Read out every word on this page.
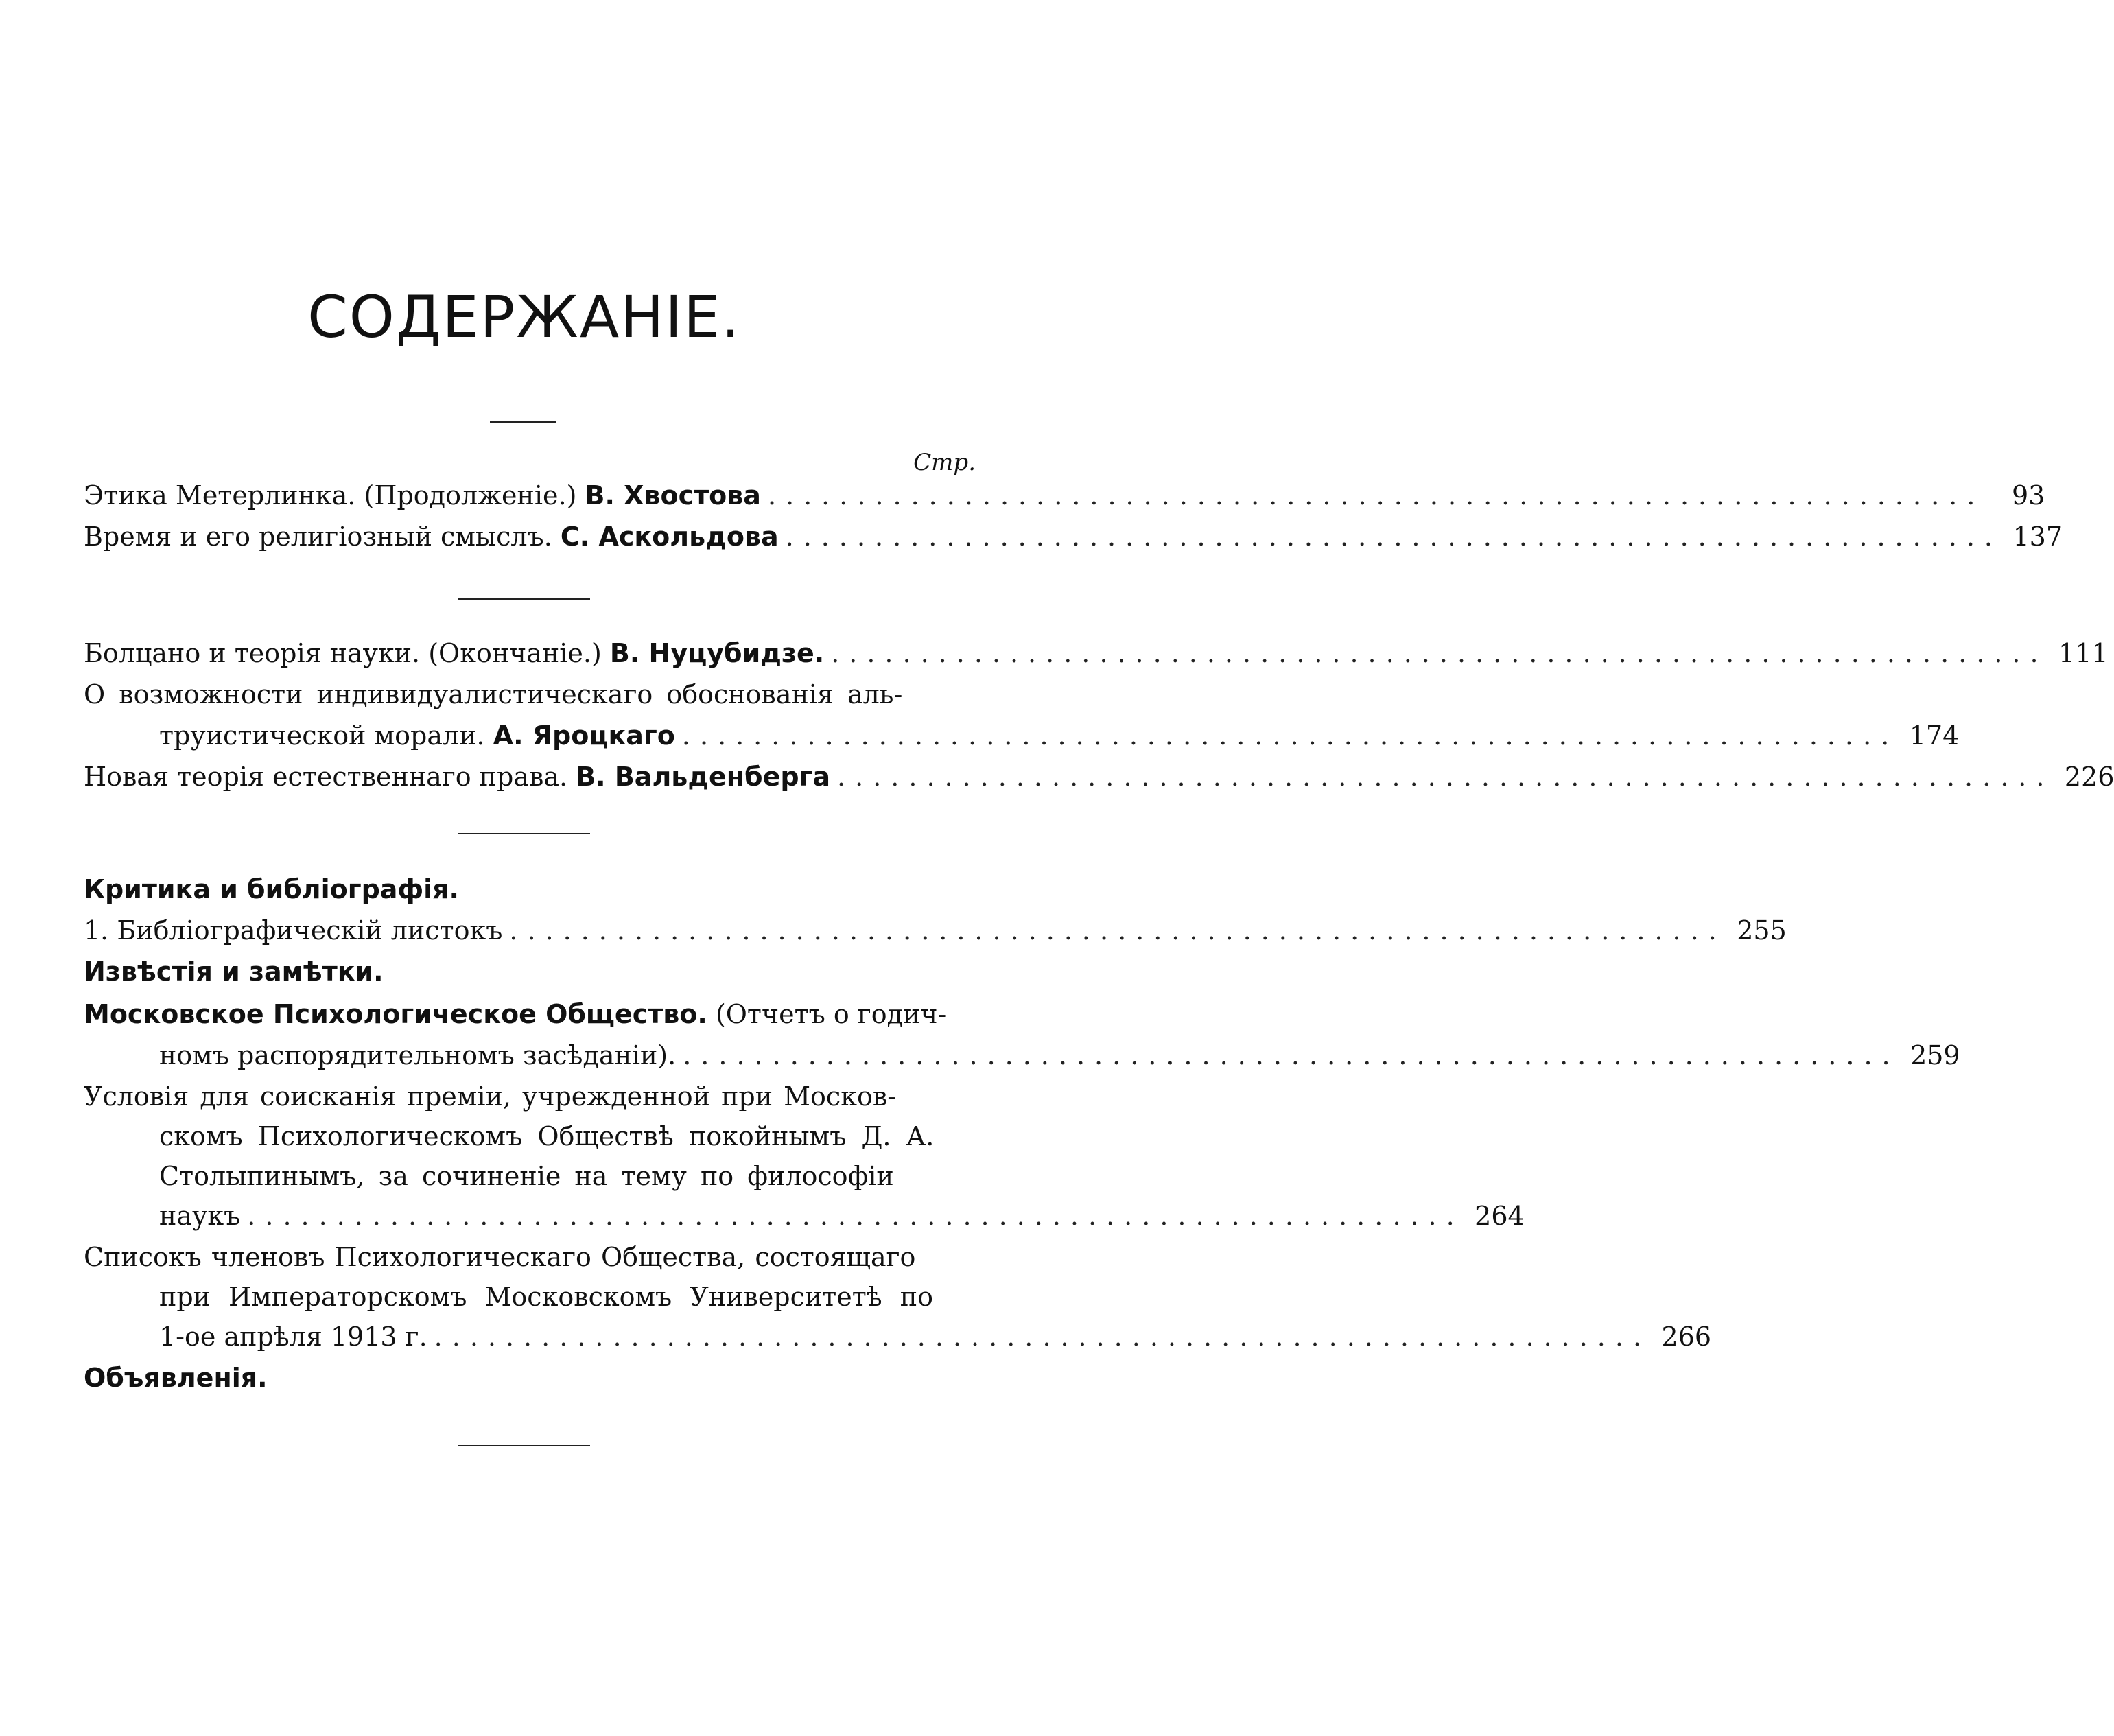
СОДЕРЖАНІЕ.
Стр.
Этика Метерлинка. (Продолженіе.)
В. Хвостова ....................................................................	93
Время и его религіозный смыслъ.
С. Аскольдова .................................................................... 137
Болцано и теорія науки. (Окончаніе.)
В. Нуцубидзе. .................................................................... 111
О возможности индивидуалистическаго обоснованія аль-
труистической морали.
А. Яроцкаго .................................................................... 174
Новая теорія естественнаго права.
В. Вальденберга .................................................................... 226
Критика и библіографія.
1. Библіографическій листокъ .................................................................... 255
Извѣстія и замѣтки.
Московское Психологическое Общество.
(Отчетъ о годич-
номъ распорядительномъ засѣданіи). .................................................................... 259
Условія для соисканія преміи, учрежденной при Москов-
скомъ Психологическомъ Обществѣ покойнымъ Д. А.
Столыпинымъ, за сочиненіе на тему по философіи
наукъ .................................................................... 264
Списокъ членовъ Психологическаго Общества, состоящаго
при Императорскомъ Московскомъ Университетѣ по
1-ое апрѣля 1913 г. .................................................................... 266
Объявленія.
